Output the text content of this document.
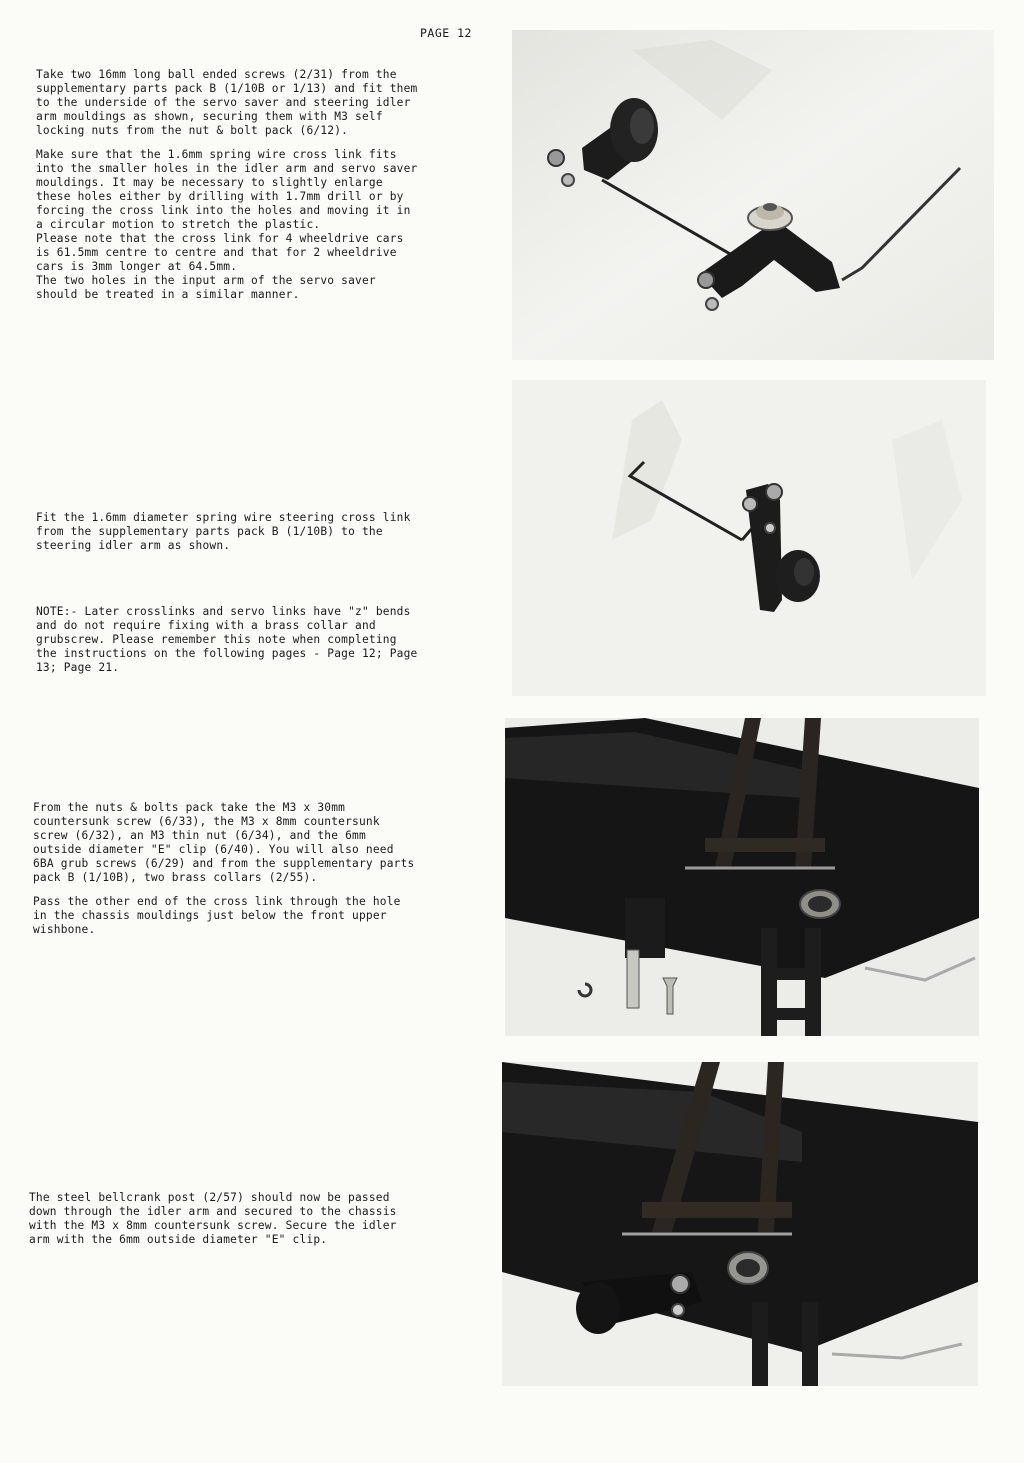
PAGE 12

Take two 16mm long ball ended screws (2/31) from the
supplementary parts pack B (1/10B or 1/13) and fit them
to the underside of the servo saver and steering idler
arm mouldings as shown, securing them with M3 self
locking nuts from the nut & bolt pack (6/12).

Make sure that the 1.6mm spring wire cross link fits
into the smaller holes in the idler arm and servo saver
mouldings. It may be necessary to slightly enlarge
these holes either by drilling with 1.7mm drill or by
forcing the cross link into the holes and moving it in
a circular motion to stretch the plastic.
Please note that the cross link for 4 wheeldrive cars
is 61.5mm centre to centre and that for 2 wheeldrive
cars is 3mm longer at 64.5mm.
The two holes in the input arm of the servo saver
should be treated in a similar manner.

Fit the 1.6mm diameter spring wire steering cross link
from the supplementary parts pack B (1/10B) to the
steering idler arm as shown.

NOTE:- Later crosslinks and servo links have "z" bends
and do not require fixing with a brass collar and
grubscrew. Please remember this note when completing
the instructions on the following pages - Page 12; Page
13; Page 21.

From the nuts & bolts pack take the M3 x 30mm
countersunk screw (6/33), the M3 x 8mm countersunk
screw (6/32), an M3 thin nut (6/34), and the 6mm
outside diameter "E" clip (6/40). You will also need
6BA grub screws (6/29) and from the supplementary parts
pack B (1/10B), two brass collars (2/55).

Pass the other end of the cross link through the hole
in the chassis mouldings just below the front upper
wishbone.

The steel bellcrank post (2/57) should now be passed
down through the idler arm and secured to the chassis
with the M3 x 8mm countersunk screw. Secure the idler
arm with the 6mm outside diameter "E" clip.
